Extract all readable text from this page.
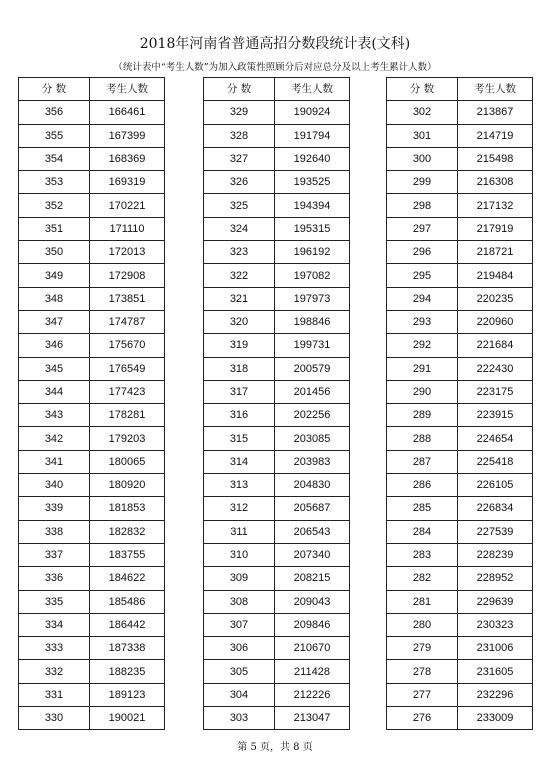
2018年河南省普通高招分数段统计表(文科)
（统计表中“考生人数”为加入政策性照顾分后对应总分及以上考生累计人数）
分 数	考生人数
356	166461
355	167399
354	168369
353	169319
352	170221
351	171110
350	172013
349	172908
348	173851
347	174787
346	175670
345	176549
344	177423
343	178281
342	179203
341	180065
340	180920
339	181853
338	182832
337	183755
336	184622
335	185486
334	186442
333	187338
332	188235
331	189123
330	190021
分 数	考生人数
329	190924
328	191794
327	192640
326	193525
325	194394
324	195315
323	196192
322	197082
321	197973
320	198846
319	199731
318	200579
317	201456
316	202256
315	203085
314	203983
313	204830
312	205687
311	206543
310	207340
309	208215
308	209043
307	209846
306	210670
305	211428
304	212226
303	213047
分 数	考生人数
302	213867
301	214719
300	215498
299	216308
298	217132
297	217919
296	218721
295	219484
294	220235
293	220960
292	221684
291	222430
290	223175
289	223915
288	224654
287	225418
286	226105
285	226834
284	227539
283	228239
282	228952
281	229639
280	230323
279	231006
278	231605
277	232296
276	233009
第 5 页，共 8 页
